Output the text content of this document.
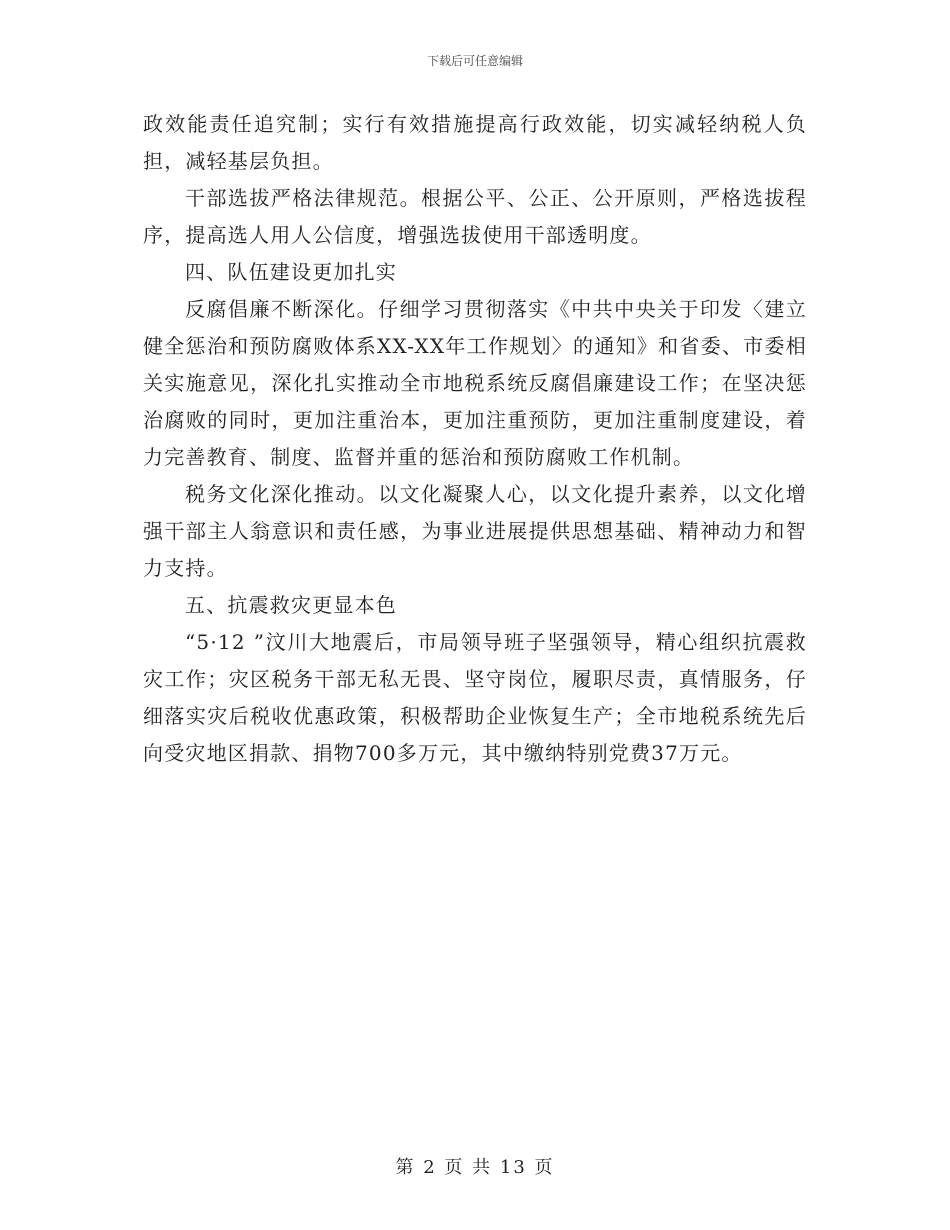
下载后可任意编辑

政效能责任追究制；实行有效措施提高行政效能，切实减轻纳税人负担，减轻基层负担。

干部选拔严格法律规范。根据公平、公正、公开原则，严格选拔程序，提高选人用人公信度，增强选拔使用干部透明度。

四、队伍建设更加扎实

反腐倡廉不断深化。仔细学习贯彻落实《中共中央关于印发〈建立健全惩治和预防腐败体系XX-XX年工作规划〉的通知》和省委、市委相关实施意见，深化扎实推动全市地税系统反腐倡廉建设工作；在坚决惩治腐败的同时，更加注重治本，更加注重预防，更加注重制度建设，着力完善教育、制度、监督并重的惩治和预防腐败工作机制。

税务文化深化推动。以文化凝聚人心，以文化提升素养，以文化增强干部主人翁意识和责任感，为事业进展提供思想基础、精神动力和智力支持。

五、抗震救灾更显本色

“5·12 ”汶川大地震后，市局领导班子坚强领导，精心组织抗震救灾工作；灾区税务干部无私无畏、坚守岗位，履职尽责，真情服务，仔细落实灾后税收优惠政策，积极帮助企业恢复生产；全市地税系统先后向受灾地区捐款、捐物700多万元，其中缴纳特别党费37万元。

第 2 页 共 13 页
